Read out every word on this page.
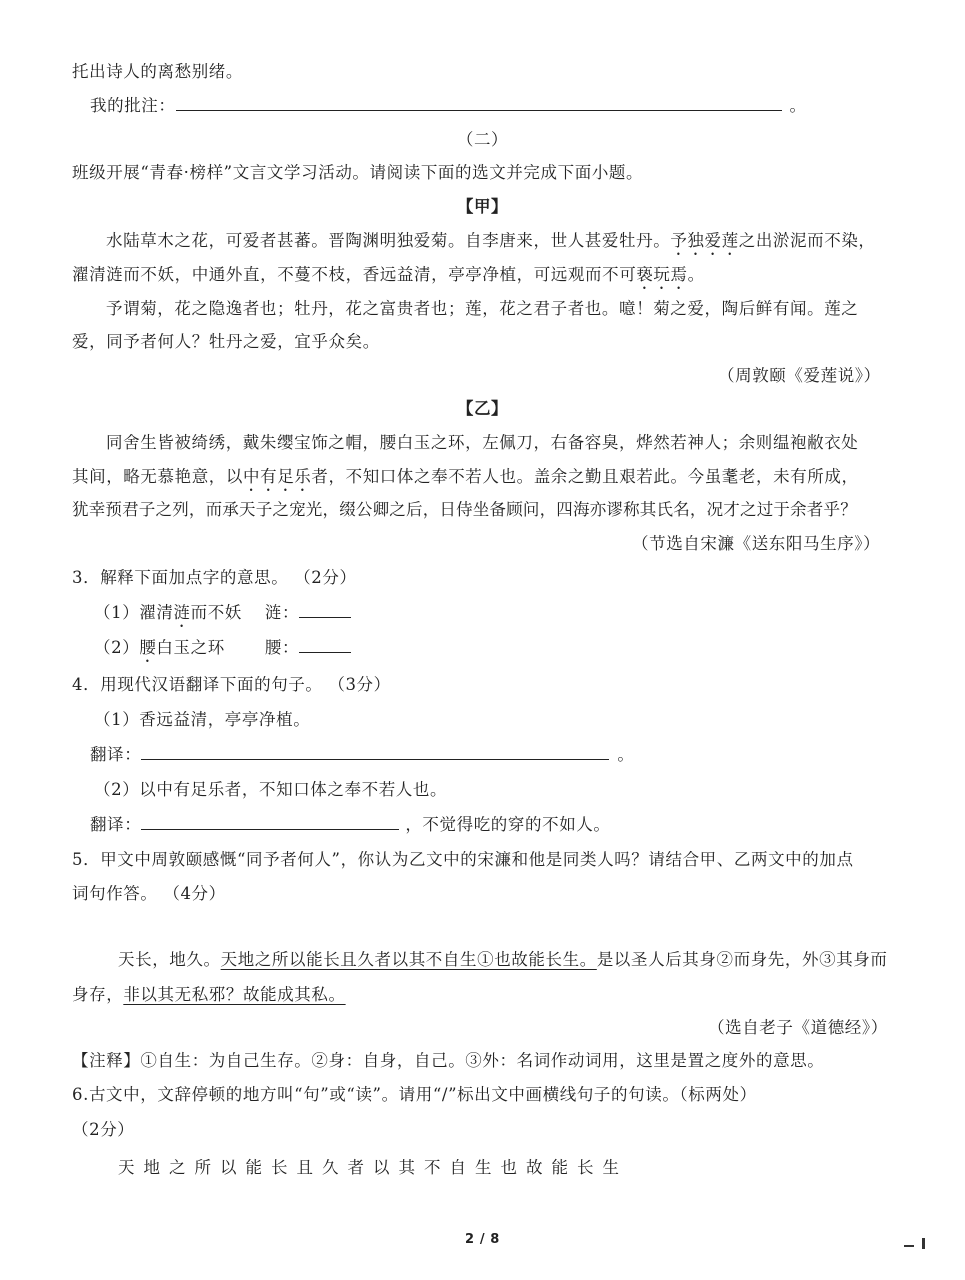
托出诗人的离愁别绪。
我的批注：	。
（二）
班级开展“青春·榜样”文言文学习活动。请阅读下面的选文并完成下面小题。
【甲】
水陆草木之花，可爱者甚蕃。晋陶渊明独爱菊。自李唐来，世人甚爱牡丹。予独爱莲之出淤泥而不染，
濯清涟而不妖，中通外直，不蔓不枝，香远益清，亭亭净植，可远观而不可亵玩焉。
予谓菊，花之隐逸者也；牡丹，花之富贵者也；莲，花之君子者也。噫！菊之爱，陶后鲜有闻。莲之
爱，同予者何人？牡丹之爱，宜乎众矣。
（周敦颐《爱莲说》）
【乙】
同舍生皆被绮绣，戴朱缨宝饰之帽，腰白玉之环，左佩刀，右备容臭，烨然若神人；余则缊袍敝衣处
其间，略无慕艳意，以中有足乐者，不知口体之奉不若人也。盖余之勤且艰若此。今虽耄老，未有所成，
犹幸预君子之列，而承天子之宠光，缀公卿之后，日侍坐备顾问，四海亦谬称其氏名，况才之过于余者乎？
（节选自宋濂《送东阳马生序》）
3．解释下面加点字的意思。 （2分）
（1）濯清涟而不妖　 涟：
（2）腰白玉之环　　 腰：
4．用现代汉语翻译下面的句子。 （3分）
（1）香远益清，亭亭净植。
翻译：	。
（2）以中有足乐者，不知口体之奉不若人也。
翻译：	，不觉得吃的穿的不如人。
5．甲文中周敦颐感慨“同予者何人”，你认为乙文中的宋濂和他是同类人吗？请结合甲、乙两文中的加点
词句作答。 （4分）
天长，地久。天地之所以能长且久者以其不自生①也故能长生。是以圣人后其身②而身先，外③其身而
身存，非以其无私邪？故能成其私。
（选自老子《道德经》）
【注释】①自生：为自己生存。②身：自身，自己。③外：名词作动词用，这里是置之度外的意思。
6.古文中，文辞停顿的地方叫“句”或“读”。请用“/”标出文中画横线句子的句读。（标两处）
（2分）
天地之所以能长且久者以其不自生也故能长生
2 / 8
